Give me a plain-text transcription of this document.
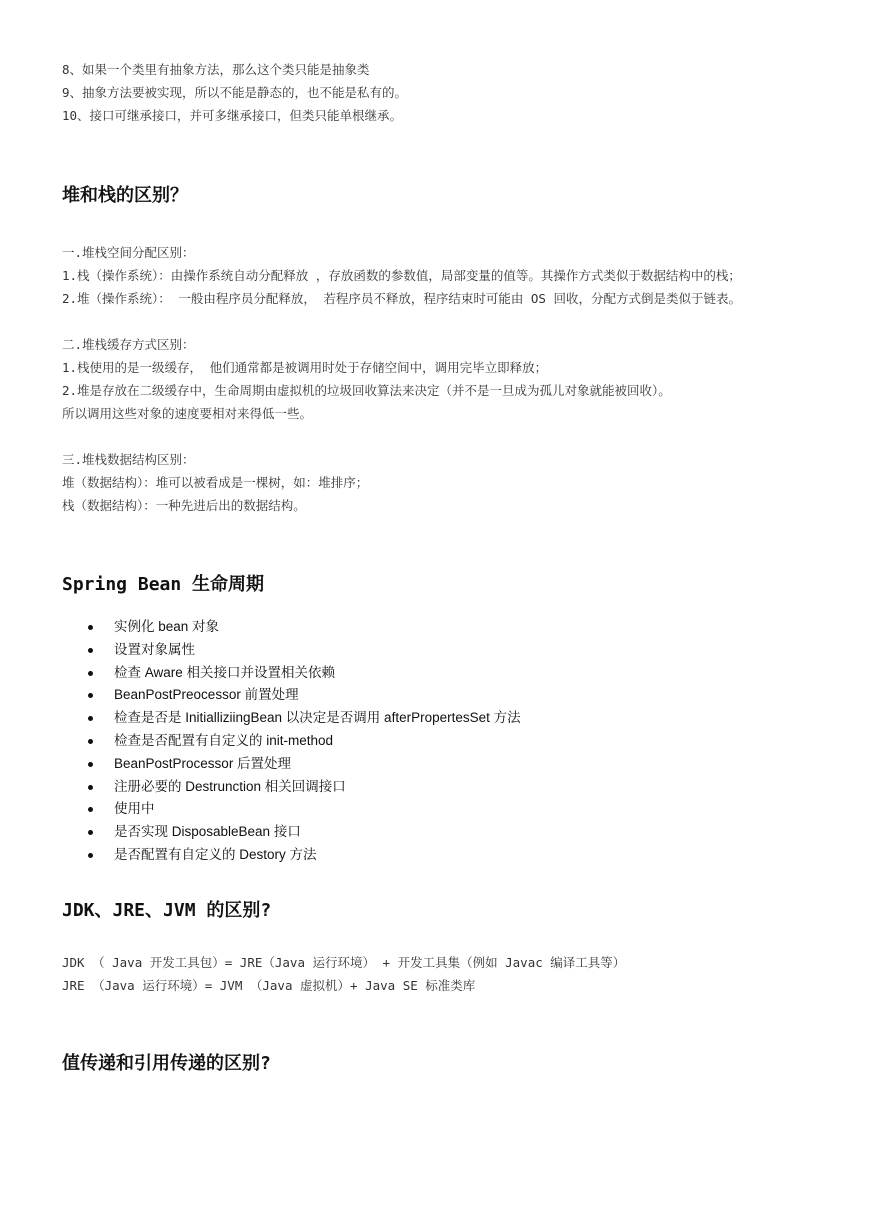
8、如果一个类里有抽象方法，那么这个类只能是抽象类
9、抽象方法要被实现，所以不能是静态的，也不能是私有的。
10、接口可继承接口，并可多继承接口，但类只能单根继承。
堆和栈的区别？
一.堆栈空间分配区别：
1.栈（操作系统）：由操作系统自动分配释放 ，存放函数的参数值，局部变量的值等。其操作方式类似于数据结构中的栈；
2.堆（操作系统）： 一般由程序员分配释放， 若程序员不释放，程序结束时可能由 OS 回收，分配方式倒是类似于链表。
二.堆栈缓存方式区别：
1.栈使用的是一级缓存， 他们通常都是被调用时处于存储空间中，调用完毕立即释放；
2.堆是存放在二级缓存中，生命周期由虚拟机的垃圾回收算法来决定（并不是一旦成为孤儿对象就能被回收）。
所以调用这些对象的速度要相对来得低一些。
三.堆栈数据结构区别：
堆（数据结构）：堆可以被看成是一棵树，如：堆排序；
栈（数据结构）：一种先进后出的数据结构。
Spring Bean 生命周期
实例化 bean 对象
设置对象属性
检查 Aware 相关接口并设置相关依赖
BeanPostPreocessor 前置处理
检查是否是 InitialliziingBean 以决定是否调用 afterPropertesSet 方法
检查是否配置有自定义的 init-method
BeanPostProcessor 后置处理
注册必要的 Destrunction 相关回调接口
使用中
是否实现 DisposableBean 接口
是否配置有自定义的 Destory 方法
JDK、JRE、JVM 的区别?
JDK （ Java 开发工具包）= JRE（Java 运行环境） + 开发工具集（例如 Javac 编译工具等）
JRE （Java 运行环境）= JVM （Java 虚拟机）+ Java SE 标准类库
值传递和引用传递的区别?
